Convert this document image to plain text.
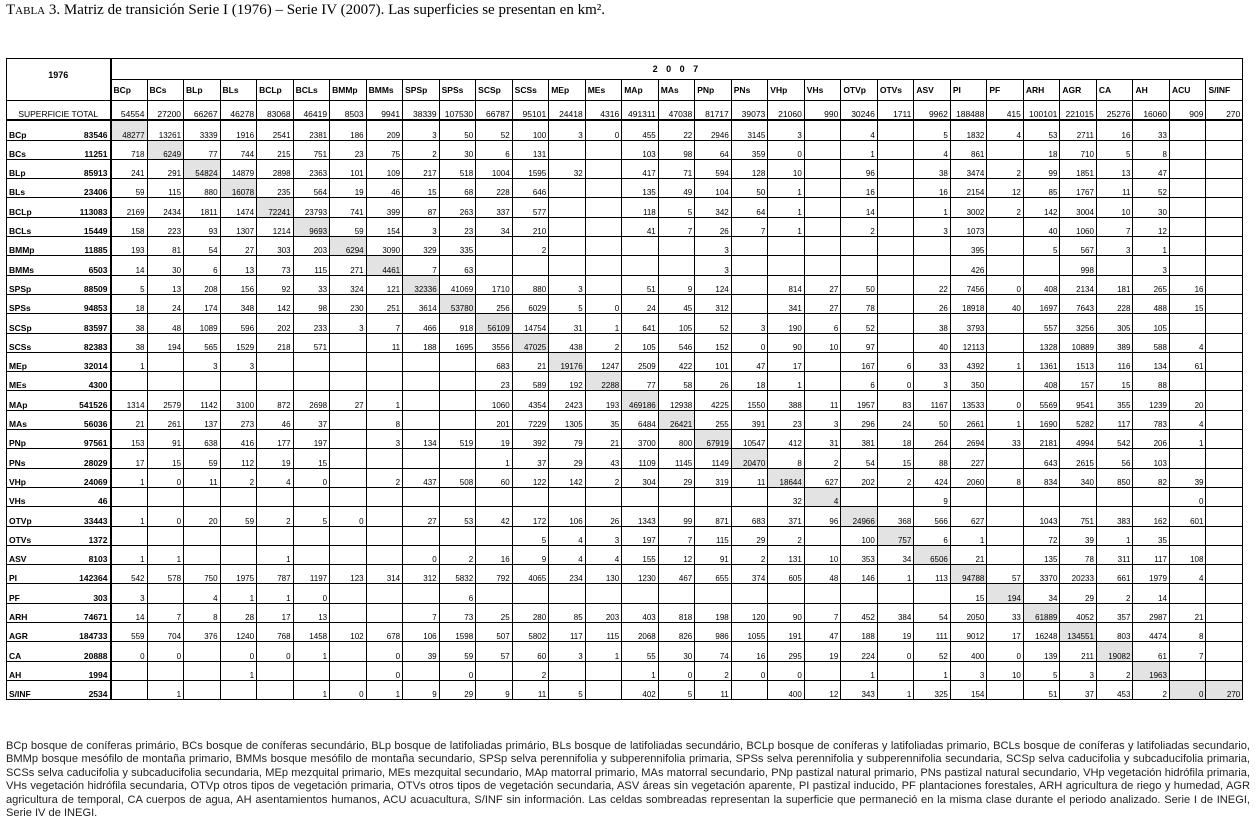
Tabla 3. Matriz de transición Serie I (1976) – Serie IV (2007). Las superficies se presentan en km².
1976		2 0 0 7																														
		BCp	BCs	BLp	BLs	BCLp	BCLs	BMMp	BMMs	SPSp	SPSs	SCSp	SCSs	MEp	MEs	MAp	MAs	PNp	PNs	VHp	VHs	OTVp	OTVs	ASV	PI	PF	ARH	AGR	CA	AH	ACU	S/INF
SUPERFICIE TOTAL		54554	27200	66267	46278	83068	46419	8503	9941	38339	107530	66787	95101	24418	4316	491311	47038	81717	39073	21060	990	30246	1711	9962	188488	415	100101	221015	25276	16060	909	270
BCp	83546	48277	13261	3339	1916	2541	2381	186	209	3	50	52	100	3	0	455	22	2946	3145	3		4		5	1832	4	53	2711	16	33		
BCs	11251	718	6249	77	744	215	751	23	75	2	30	6	131			103	98	64	359	0		1		4	861		18	710	5	8		
BLp	85913	241	291	54824	14879	2898	2363	101	109	217	518	1004	1595	32		417	71	594	128	10		96		38	3474	2	99	1851	13	47		
BLs	23406	59	115	880	16078	235	564	19	46	15	68	228	646			135	49	104	50	1		16		16	2154	12	85	1767	11	52		
BCLp	113083	2169	2434	1811	1474	72241	23793	741	399	87	263	337	577			118	5	342	64	1		14		1	3002	2	142	3004	10	30		
BCLs	15449	158	223	93	1307	1214	9693	59	154	3	23	34	210			41	7	26	7	1		2		3	1073		40	1060	7	12		
BMMp	11885	193	81	54	27	303	203	6294	3090	329	335		2					3							395		5	567	3	1		
BMMs	6503	14	30	6	13	73	115	271	4461	7	63							3							426			998		3		
SPSp	88509	5	13	208	156	92	33	324	121	32336	41069	1710	880	3		51	9	124		814	27	50		22	7456	0	408	2134	181	265	16	
SPSs	94853	18	24	174	348	142	98	230	251	3614	53780	256	6029	5	0	24	45	312		341	27	78		26	18918	40	1697	7643	228	488	15	
SCSp	83597	38	48	1089	596	202	233	3	7	466	918	56109	14754	31	1	641	105	52	3	190	6	52		38	3793		557	3256	305	105		
SCSs	82383	38	194	565	1529	218	571		11	188	1695	3556	47025	438	2	105	546	152	0	90	10	97		40	12113		1328	10889	389	588	4	
MEp	32014	1		3	3							683	21	19176	1247	2509	422	101	47	17		167	6	33	4392	1	1361	1513	116	134	61	
MEs	4300											23	589	192	2288	77	58	26	18	1		6	0	3	350		408	157	15	88		
MAp	541526	1314	2579	1142	3100	872	2698	27	1			1060	4354	2423	193	469186	12938	4225	1550	388	11	1957	83	1167	13533	0	5569	9541	355	1239	20	
MAs	56036	21	261	137	273	46	37		8			201	7229	1305	35	6484	26421	255	391	23	3	296	24	50	2661	1	1690	5282	117	783	4	
PNp	97561	153	91	638	416	177	197		3	134	519	19	392	79	21	3700	800	67919	10547	412	31	381	18	264	2694	33	2181	4994	542	206	1	
PNs	28029	17	15	59	112	19	15					1	37	29	43	1109	1145	1149	20470	8	2	54	15	88	227		643	2615	56	103		
VHp	24069	1	0	11	2	4	0		2	437	508	60	122	142	2	304	29	319	11	18644	627	202	2	424	2060	8	834	340	850	82	39	
VHs	46																			32	4			9							0	
OTVp	33443	1	0	20	59	2	5	0		27	53	42	172	106	26	1343	99	871	683	371	96	24966	368	566	627		1043	751	383	162	601	
OTVs	1372												5	4	3	197	7	115	29	2		100	757	6	1		72	39	1	35		
ASV	8103	1	1			1				0	2	16	9	4	4	155	12	91	2	131	10	353	34	6506	21		135	78	311	117	108	
PI	142364	542	578	750	1975	787	1197	123	314	312	5832	792	4065	234	130	1230	467	655	374	605	48	146	1	113	94788	57	3370	20233	661	1979	4	
PF	303	3		4	1	1	0				6														15	194	34	29	2	14		
ARH	74671	14	7	8	28	17	13			7	73	25	280	85	203	403	818	198	120	90	7	452	384	54	2050	33	61889	4052	357	2987	21	
AGR	184733	559	704	376	1240	768	1458	102	678	106	1598	507	5802	117	115	2068	826	986	1055	191	47	188	19	111	9012	17	16248	134551	803	4474	8	
CA	20888	0	0		0	0	1		0	39	59	57	60	3	1	55	30	74	16	295	19	224	0	52	400	0	139	211	19082	61	7	
AH	1994				1				0		0		2			1	0	2	0	0		1		1	3	10	5	3	2	1963		
S/INF	2534		1				1	0	1	9	29	9	11	5		402	5	11		400	12	343	1	325	154		51	37	453	2	0	270
BCp bosque de coníferas primário, BCs bosque de coníferas secundário, BLp bosque de latifoliadas primário, BLs bosque de latifoliadas secundário, BCLp bosque de coníferas y latifoliadas primario, BCLs bosque de coníferas y latifoliadas secundario, BMMp bosque mesófilo de montaña primario, BMMs bosque mesófilo de montaña secundario, SPSp selva perennifolia y subperennifolia primaria, SPSs selva perennifolia y subperennifolia secundaria, SCSp selva caducifolia y subcaducifolia primaria, SCSs selva caducifolia y subcaducifolia secundaria, MEp mezquital primario, MEs mezquital secundario, MAp matorral primario, MAs matorral secundario, PNp pastizal natural primario, PNs pastizal natural secundario, VHp vegetación hidrófila primaria, VHs vegetación hidrófila secundaria, OTVp otros tipos de vegetación primaria, OTVs otros tipos de vegetación secundaria, ASV áreas sin vegetación aparente, PI pastizal inducido, PF plantaciones forestales, ARH agricultura de riego y humedad, AGR agricultura de temporal, CA cuerpos de agua, AH asentamientos humanos, ACU acuacultura, S/INF sin información. Las celdas sombreadas representan la superficie que permaneció en la misma clase durante el periodo analizado. Serie I de INEGI, Serie IV de INEGI.
